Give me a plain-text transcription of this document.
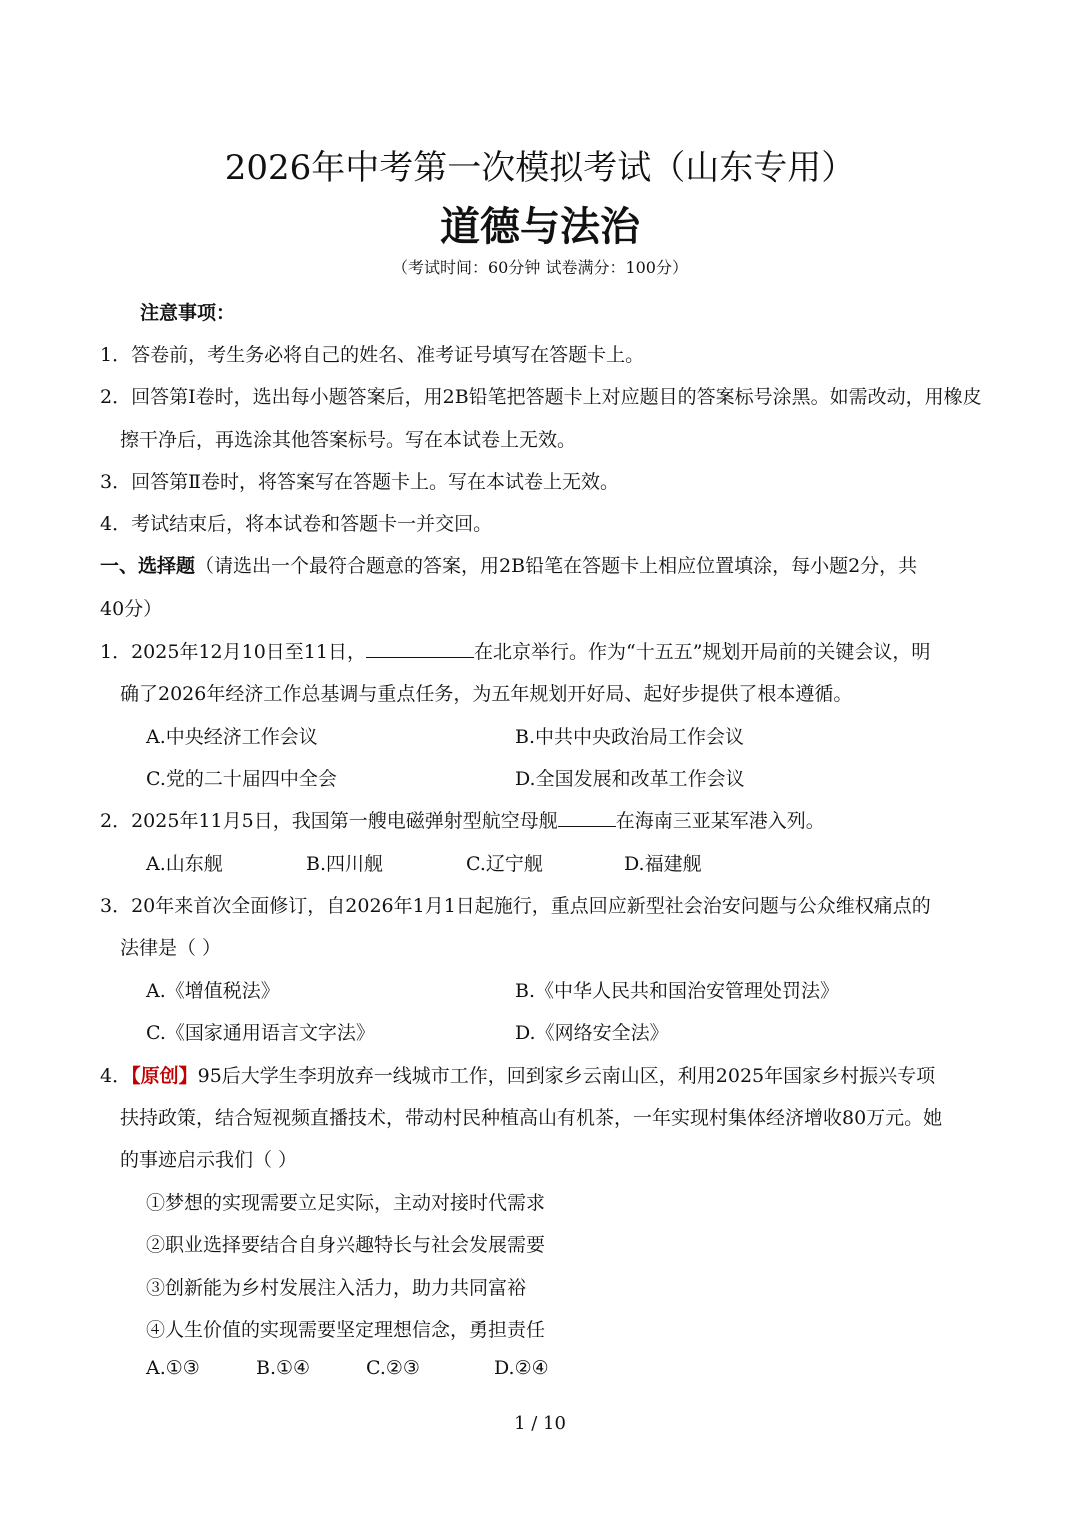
2026年中考第一次模拟考试（山东专用）
道德与法治
（考试时间：60分钟 试卷满分：100分）
注意事项：
1．答卷前，考生务必将自己的姓名、准考证号填写在答题卡上。
2．回答第Ⅰ卷时，选出每小题答案后，用2B铅笔把答题卡上对应题目的答案标号涂黑。如需改动，用橡皮
擦干净后，再选涂其他答案标号。写在本试卷上无效。
3．回答第Ⅱ卷时，将答案写在答题卡上。写在本试卷上无效。
4．考试结束后，将本试卷和答题卡一并交回。
一、选择题（请选出一个最符合题意的答案，用2B铅笔在答题卡上相应位置填涂，每小题2分，共
40分）
1．2025年12月10日至11日，	在北京举行。作为“十五五”规划开局前的关键会议，明
确了2026年经济工作总基调与重点任务，为五年规划开好局、起好步提供了根本遵循。
A.中央经济工作会议	B.中共中央政治局工作会议
C.党的二十届四中全会	D.全国发展和改革工作会议
2．2025年11月5日，我国第一艘电磁弹射型航空母舰	在海南三亚某军港入列。
A.山东舰	B.四川舰	C.辽宁舰	D.福建舰
3．20年来首次全面修订，自2026年1月1日起施行，重点回应新型社会治安问题与公众维权痛点的
法律是（ ）
A.《增值税法》	B.《中华人民共和国治安管理处罚法》
C.《国家通用语言文字法》	D.《网络安全法》
4．【原创】95后大学生李玥放弃一线城市工作，回到家乡云南山区，利用2025年国家乡村振兴专项
扶持政策，结合短视频直播技术，带动村民种植高山有机茶，一年实现村集体经济增收80万元。她
的事迹启示我们（ ）
①梦想的实现需要立足实际，主动对接时代需求
②职业选择要结合自身兴趣特长与社会发展需要
③创新能为乡村发展注入活力，助力共同富裕
④人生价值的实现需要坚定理想信念，勇担责任
A.①③	B.①④	C.②③	D.②④
1 / 10
